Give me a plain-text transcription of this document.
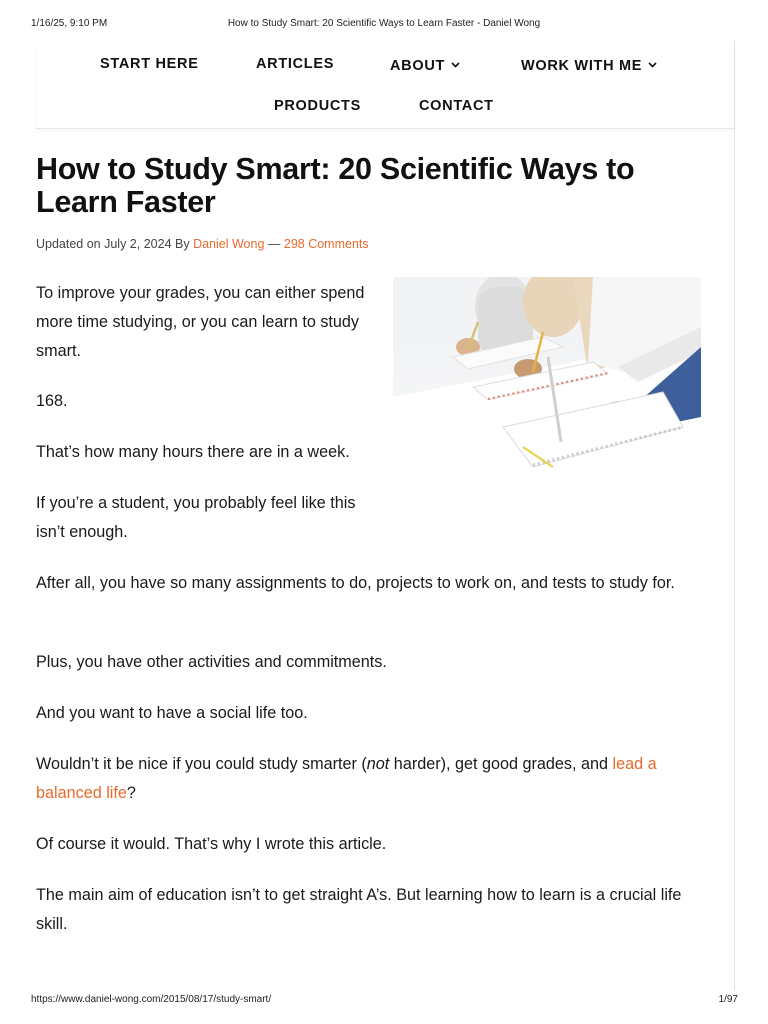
1/16/25, 9:10 PM	How to Study Smart: 20 Scientific Ways to Learn Faster - Daniel Wong
START HERE	ARTICLES	ABOUT	WORK WITH ME
PRODUCTS	CONTACT
How to Study Smart: 20 Scientific Ways to Learn Faster
Updated on July 2, 2024 By Daniel Wong — 298 Comments

To improve your grades, you can either spend more time studying, or you can learn to study smart.

168.

That’s how many hours there are in a week.

If you’re a student, you probably feel like this isn’t enough.

After all, you have so many assignments to do, projects to work on, and tests to study for.

Plus, you have other activities and commitments.

And you want to have a social life too.

Wouldn’t it be nice if you could study smarter (not harder), get good grades, and lead a balanced life?

Of course it would. That’s why I wrote this article.

The main aim of education isn’t to get straight A’s. But learning how to learn is a crucial life skill.

https://www.daniel-wong.com/2015/08/17/study-smart/	1/97
